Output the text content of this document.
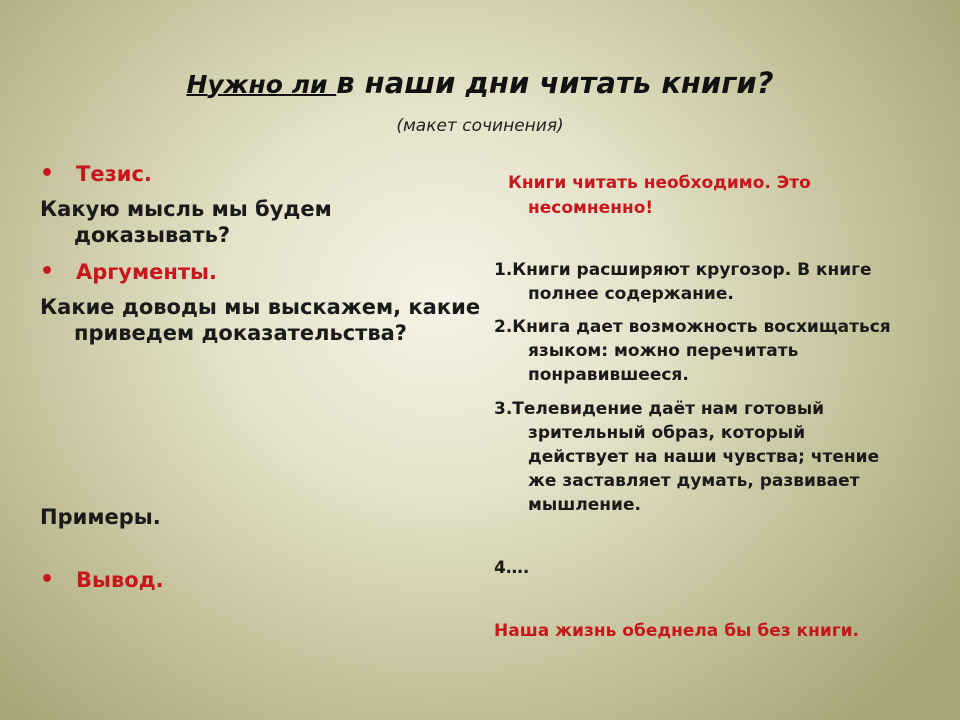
Нужно ли в наши дни читать книги?
(макет сочинения)
• Тезис.
Какую мысль мы будем доказывать?
• Аргументы.
Какие доводы мы выскажем, какие приведем доказательства?
Примеры.
• Вывод.
Книги читать необходимо. Это несомненно!
1.Книги расширяют кругозор. В книге полнее содержание.
2.Книга дает возможность восхищаться языком: можно перечитать понравившееся.
3.Телевидение даёт нам готовый зрительный образ, который действует на наши чувства; чтение же заставляет думать, развивает мышление.
4….
Наша жизнь обеднела бы без книги.
